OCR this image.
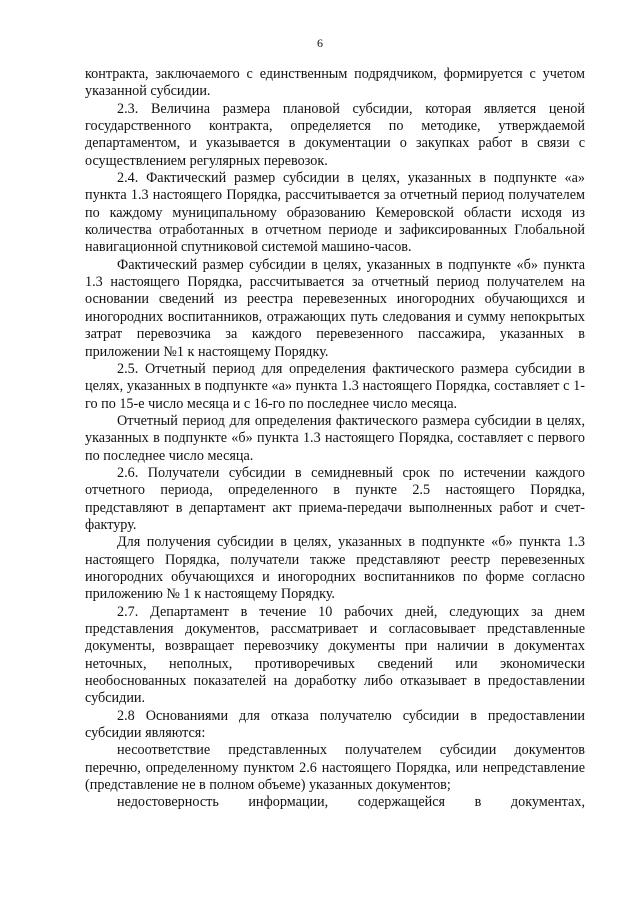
6

контракта, заключаемого с единственным подрядчиком, формируется с учетом указанной субсидии.

2.3. Величина размера плановой субсидии, которая является ценой государственного контракта, определяется по методике, утверждаемой департаментом, и указывается в документации о закупках работ в связи с осуществлением регулярных перевозок.

2.4. Фактический размер субсидии в целях, указанных в подпункте «а» пункта 1.3 настоящего Порядка, рассчитывается за отчетный период получателем по каждому муниципальному образованию Кемеровской области исходя из количества отработанных в отчетном периоде и зафиксированных Глобальной навигационной спутниковой системой машино-часов.

Фактический размер субсидии в целях, указанных в подпункте «б» пункта 1.3 настоящего Порядка, рассчитывается за отчетный период получателем на основании сведений из реестра перевезенных иногородних обучающихся и иногородних воспитанников, отражающих путь следования и сумму непокрытых затрат перевозчика за каждого перевезенного пассажира, указанных в приложении №1 к настоящему Порядку.

2.5. Отчетный период для определения фактического размера субсидии в целях, указанных в подпункте «а» пункта 1.3 настоящего Порядка, составляет с 1-го по 15-е число месяца и с 16-го по последнее число месяца.

Отчетный период для определения фактического размера субсидии в целях, указанных в подпункте «б» пункта 1.3 настоящего Порядка, составляет с первого по последнее число месяца.

2.6. Получатели субсидии в семидневный срок по истечении каждого отчетного периода, определенного в пункте 2.5 настоящего Порядка, представляют в департамент акт приема-передачи выполненных работ и счет-фактуру.

Для получения субсидии в целях, указанных в подпункте «б» пункта 1.3 настоящего Порядка, получатели также представляют реестр перевезенных иногородних обучающихся и иногородних воспитанников по форме согласно приложению № 1 к настоящему Порядку.

2.7. Департамент в течение 10 рабочих дней, следующих за днем представления документов, рассматривает и согласовывает представленные документы, возвращает перевозчику документы при наличии в документах неточных, неполных, противоречивых сведений или экономически необоснованных показателей на доработку либо отказывает в предоставлении субсидии.

2.8 Основаниями для отказа получателю субсидии в предоставлении субсидии являются:

несоответствие представленных получателем субсидии документов перечню, определенному пунктом 2.6 настоящего Порядка, или непредставление (представление не в полном объеме) указанных документов;

недостоверность информации, содержащейся в документах,
